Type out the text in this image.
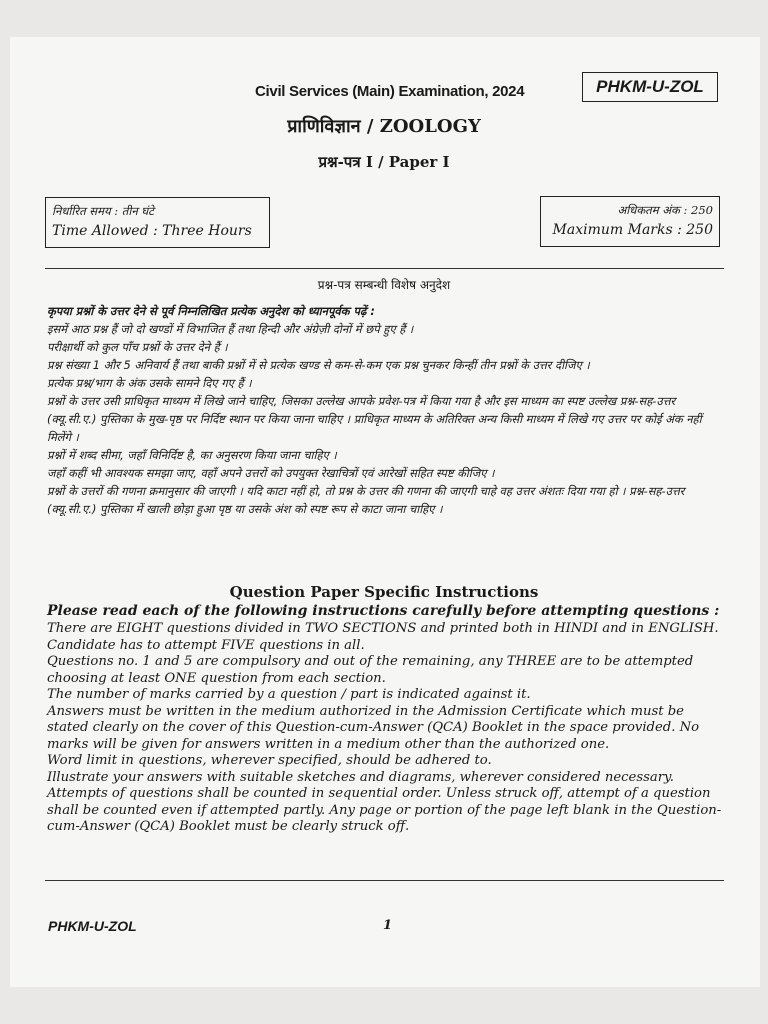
Civil Services (Main) Examination, 2024	PHKM-U-ZOL
प्राणिविज्ञान / ZOOLOGY
प्रश्न-पत्र I / Paper I
निर्धारित समय : तीन घंटे
Time Allowed : Three Hours
अधिकतम अंक : 250
Maximum Marks : 250
प्रश्न-पत्र सम्बन्धी विशेष अनुदेश

कृपया प्रश्नों के उत्तर देने से पूर्व निम्नलिखित प्रत्येक अनुदेश को ध्यानपूर्वक पढ़ें :

इसमें आठ प्रश्न हैं जो दो खण्डों में विभाजित हैं तथा हिन्दी और अंग्रेज़ी दोनों में छपे हुए हैं ।

परीक्षार्थी को कुल पाँच प्रश्नों के उत्तर देने हैं ।

प्रश्न संख्या 1 और 5 अनिवार्य हैं तथा बाकी प्रश्नों में से प्रत्येक खण्ड से कम-से-कम एक प्रश्न चुनकर किन्हीं तीन प्रश्नों के उत्तर दीजिए ।

प्रत्येक प्रश्न/भाग के अंक उसके सामने दिए गए हैं ।

प्रश्नों के उत्तर उसी प्राधिकृत माध्यम में लिखे जाने चाहिए, जिसका उल्लेख आपके प्रवेश-पत्र में किया गया है और इस माध्यम का स्पष्ट उल्लेख प्रश्न-सह-उत्तर (क्यू.सी.ए.) पुस्तिका के मुख-पृष्ठ पर निर्दिष्ट स्थान पर किया जाना चाहिए । प्राधिकृत माध्यम के अतिरिक्त अन्य किसी माध्यम में लिखे गए उत्तर पर कोई अंक नहीं मिलेंगे ।

प्रश्नों में शब्द सीमा, जहाँ विनिर्दिष्ट है, का अनुसरण किया जाना चाहिए ।

जहाँ कहीं भी आवश्यक समझा जाए, वहाँ अपने उत्तरों को उपयुक्त रेखाचित्रों एवं आरेखों सहित स्पष्ट कीजिए ।

प्रश्नों के उत्तरों की गणना क्रमानुसार की जाएगी । यदि काटा नहीं हो, तो प्रश्न के उत्तर की गणना की जाएगी चाहे वह उत्तर अंशतः दिया गया हो । प्रश्न-सह-उत्तर (क्यू.सी.ए.) पुस्तिका में खाली छोड़ा हुआ पृष्ठ या उसके अंश को स्पष्ट रूप से काटा जाना चाहिए ।

Question Paper Specific Instructions

Please read each of the following instructions carefully before attempting questions :

There are EIGHT questions divided in TWO SECTIONS and printed both in HINDI and in ENGLISH.

Candidate has to attempt FIVE questions in all.

Questions no. 1 and 5 are compulsory and out of the remaining, any THREE are to be attempted choosing at least ONE question from each section.

The number of marks carried by a question / part is indicated against it.

Answers must be written in the medium authorized in the Admission Certificate which must be stated clearly on the cover of this Question-cum-Answer (QCA) Booklet in the space provided. No marks will be given for answers written in a medium other than the authorized one.

Word limit in questions, wherever specified, should be adhered to.

Illustrate your answers with suitable sketches and diagrams, wherever considered necessary.

Attempts of questions shall be counted in sequential order. Unless struck off, attempt of a question shall be counted even if attempted partly. Any page or portion of the page left blank in the Question-cum-Answer (QCA) Booklet must be clearly struck off.

PHKM-U-ZOL	1
